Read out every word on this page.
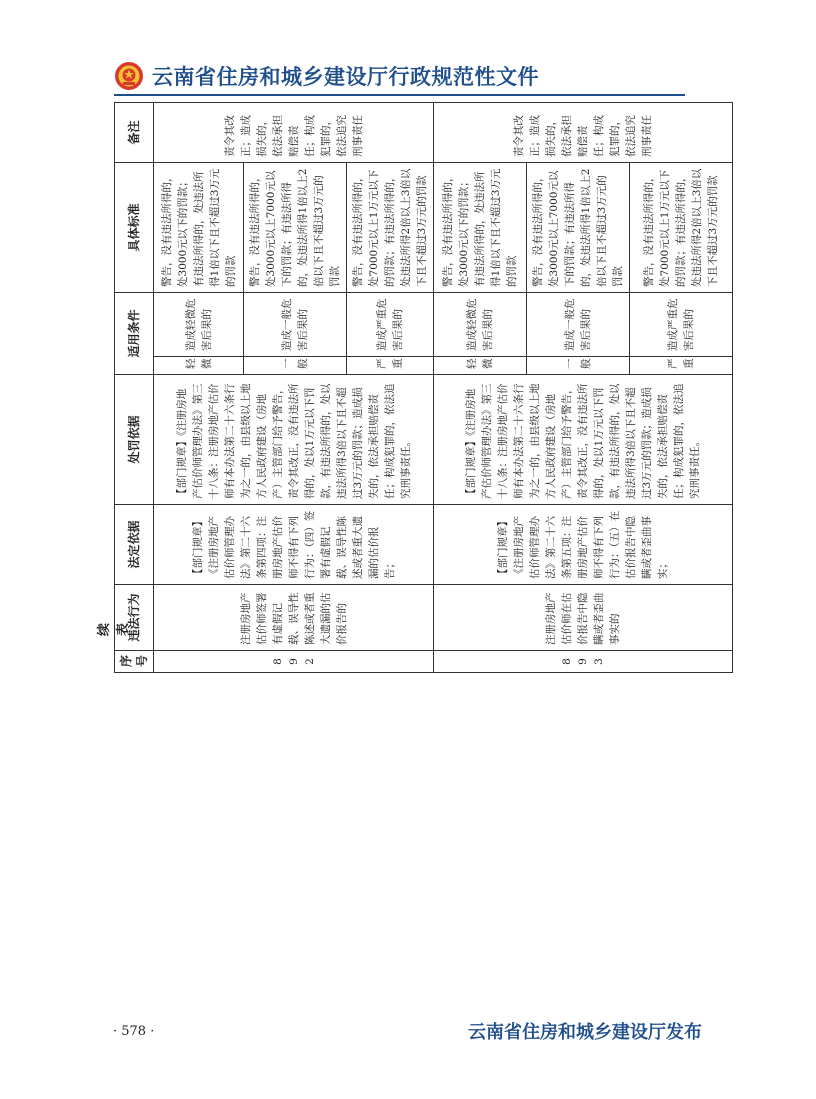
云南省住房和城乡建设厅行政规范性文件
续表
序号	违法行为	法定依据	处罚依据	适用条件		具体标准	备注
892	注册房地产估价师签署有虚假记载、误导性陈述或者重大遗漏的估价报告的	【部门规章】《注册房地产估价师管理办法》第二十六条第四项：注册房地产估价师不得有下列行为：（四）签署有虚假记载、误导性陈述或者重大遗漏的估价报告；	【部门规章】《注册房地产估价师管理办法》第三十八条：注册房地产估价师有本办法第二十六条行为之一的，由县级以上地方人民政府建设（房地产）主管部门给予警告，责令其改正，没有违法所得的，处以1万元以下罚款，有违法所得的，处以违法所得3倍以下且不超过3万元的罚款；造成损失的，依法承担赔偿责任；构成犯罪的，依法追究刑事责任。	轻微	造成轻微危害后果的	警告，没有违法所得的，处3000元以下的罚款；有违法所得的，处违法所得1倍以下且不超过3万元的罚款	责令其改正；造成损失的，依法承担赔偿责任；构成犯罪的，依法追究刑事责任
				一般	造成一般危害后果的	警告，没有违法所得的，处3000元以上7000元以下的罚款；有违法所得的，处违法所得1倍以上2倍以下且不超过3万元的罚款	
				严重	造成严重危害后果的	警告，没有违法所得的，处7000元以上1万元以下的罚款；有违法所得的，处违法所得2倍以上3倍以下且不超过3万元的罚款	
893	注册房地产估价师在估价报告中隐瞒或者歪曲事实的	【部门规章】《注册房地产估价师管理办法》第二十六条第五项：注册房地产估价师不得有下列行为：（五）在估价报告中隐瞒或者歪曲事实；	【部门规章】《注册房地产估价师管理办法》第三十八条：注册房地产估价师有本办法第二十六条行为之一的，由县级以上地方人民政府建设（房地产）主管部门给予警告，责令其改正，没有违法所得的，处以1万元以下罚款，有违法所得的，处以违法所得3倍以下且不超过3万元的罚款；造成损失的，依法承担赔偿责任；构成犯罪的，依法追究刑事责任。	轻微	造成轻微危害后果的	警告，没有违法所得的，处3000元以下的罚款；有违法所得的，处违法所得1倍以下且不超过3万元的罚款	责令其改正；造成损失的，依法承担赔偿责任；构成犯罪的，依法追究刑事责任
				一般	造成一般危害后果的	警告，没有违法所得的，处3000元以上7000元以下的罚款；有违法所得的，处违法所得1倍以上2倍以下且不超过3万元的罚款	
				严重	造成严重危害后果的	警告，没有违法所得的，处7000元以上1万元以下的罚款；有违法所得的，处违法所得2倍以上3倍以下且不超过3万元的罚款	
· 578 ·	云南省住房和城乡建设厅发布
